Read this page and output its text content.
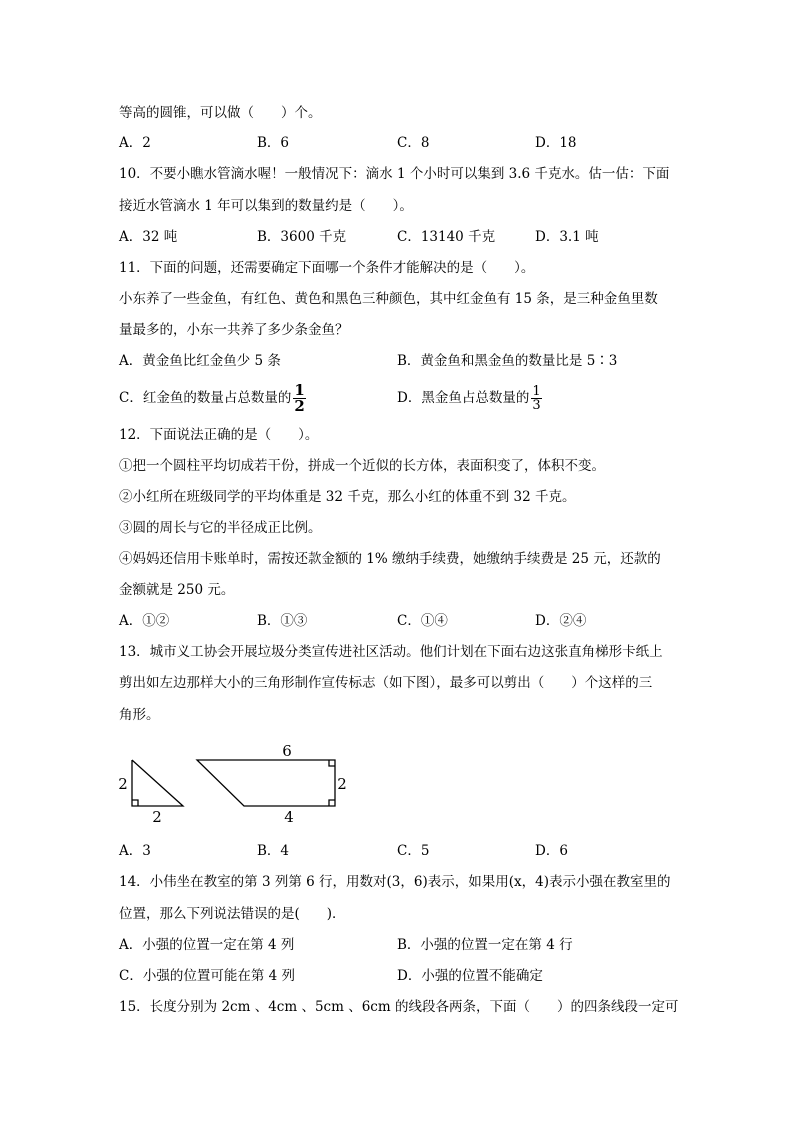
等高的圆锥，可以做（　　）个。
A．2	B．6	C．8	D．18
10．不要小瞧水管滴水喔！一般情况下：滴水 1 个小时可以集到 3.6 千克水。估一估：下面
接近水管滴水 1 年可以集到的数量约是（　　）。
A．32 吨	B．3600 千克	C．13140 千克	D．3.1 吨
11．下面的问题，还需要确定下面哪一个条件才能解决的是（　　）。
小东养了一些金鱼，有红色、黄色和黑色三种颜色，其中红金鱼有 15 条，是三种金鱼里数
量最多的，小东一共养了多少条金鱼？
A．黄金鱼比红金鱼少 5 条	B．黄金鱼和黑金鱼的数量比是 5∶3
C．红金鱼的数量占总数量的 $\frac{1}{2}$	D．黑金鱼占总数量的 $\frac{1}{3}$
12．下面说法正确的是（　　）。
①把一个圆柱平均切成若干份，拼成一个近似的长方体，表面积变了，体积不变。
②小红所在班级同学的平均体重是 32 千克，那么小红的体重不到 32 千克。
③圆的周长与它的半径成正比例。
④妈妈还信用卡账单时，需按还款金额的 1% 缴纳手续费，她缴纳手续费是 25 元，还款的
金额就是 250 元。
A．①②	B．①③	C．①④	D．②④
13．城市义工协会开展垃圾分类宣传进社区活动。他们计划在下面右边这张直角梯形卡纸上
剪出如左边那样大小的三角形制作宣传标志（如下图），最多可以剪出（　　）个这样的三
角形。
2
2
6
2
4
A．3	B．4	C．5	D．6
14．小伟坐在教室的第 3 列第 6 行，用数对(3，6)表示，如果用(x，4)表示小强在教室里的
位置，那么下列说法错误的是(　　)．
A．小强的位置一定在第 4 列	B．小强的位置一定在第 4 行
C．小强的位置可能在第 4 列	D．小强的位置不能确定
15．长度分别为 2cm 、4cm 、5cm 、6cm 的线段各两条，下面（　　）的四条线段一定可
